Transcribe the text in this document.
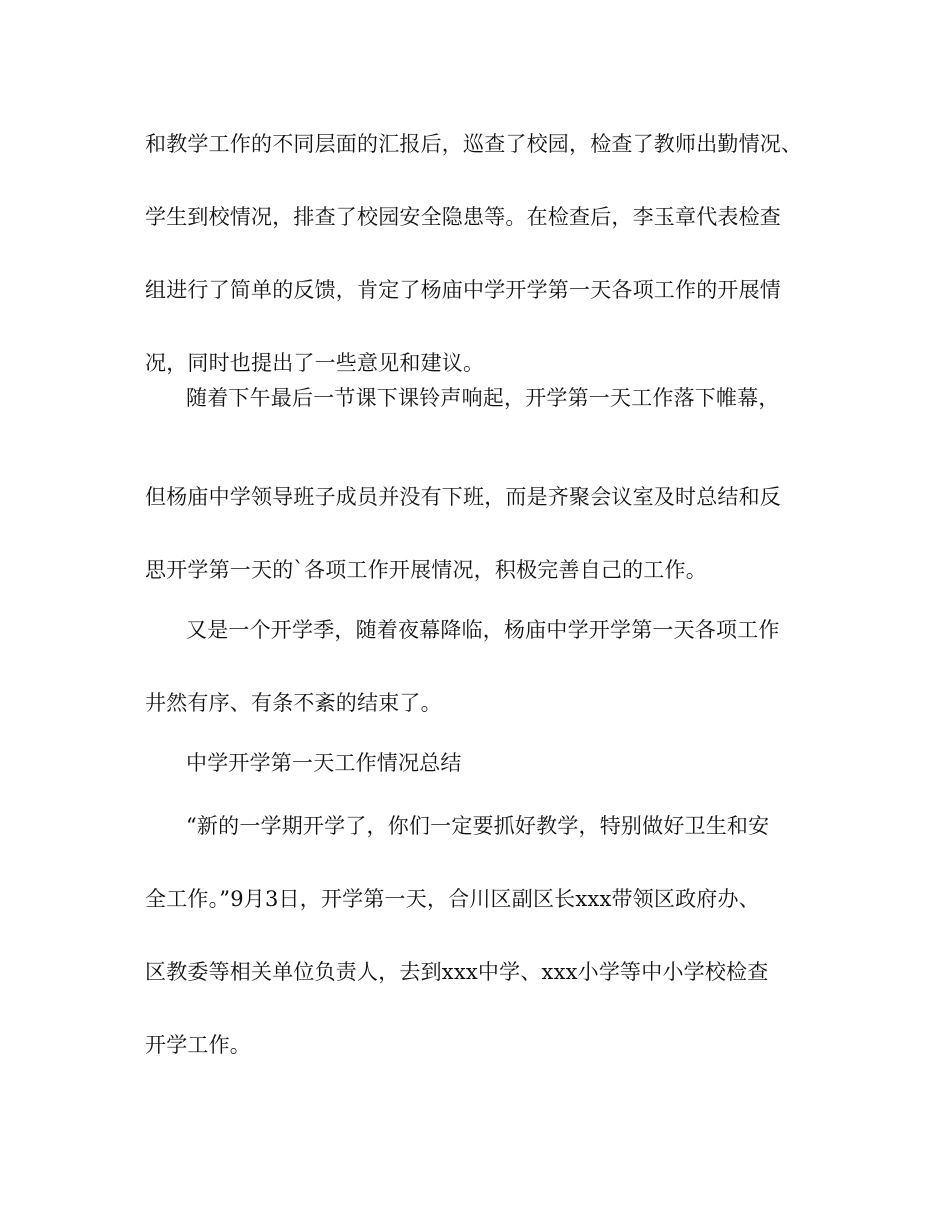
和教学工作的不同层面的汇报后，巡查了校园，检查了教师出勤情况、
学生到校情况，排查了校园安全隐患等。在检查后，李玉章代表检查
组进行了简单的反馈，肯定了杨庙中学开学第一天各项工作的开展情
况，同时也提出了一些意见和建议。
随着下午最后一节课下课铃声响起，开学第一天工作落下帷幕，
但杨庙中学领导班子成员并没有下班，而是齐聚会议室及时总结和反
思开学第一天的`各项工作开展情况，积极完善自己的工作。
又是一个开学季，随着夜幕降临，杨庙中学开学第一天各项工作
井然有序、有条不紊的结束了。
中学开学第一天工作情况总结
“新的一学期开学了，你们一定要抓好教学，特别做好卫生和安
全工作。”9月3日，开学第一天，合川区副区长xxx带领区政府办、
区教委等相关单位负责人，去到xxx中学、xxx小学等中小学校检查
开学工作。
